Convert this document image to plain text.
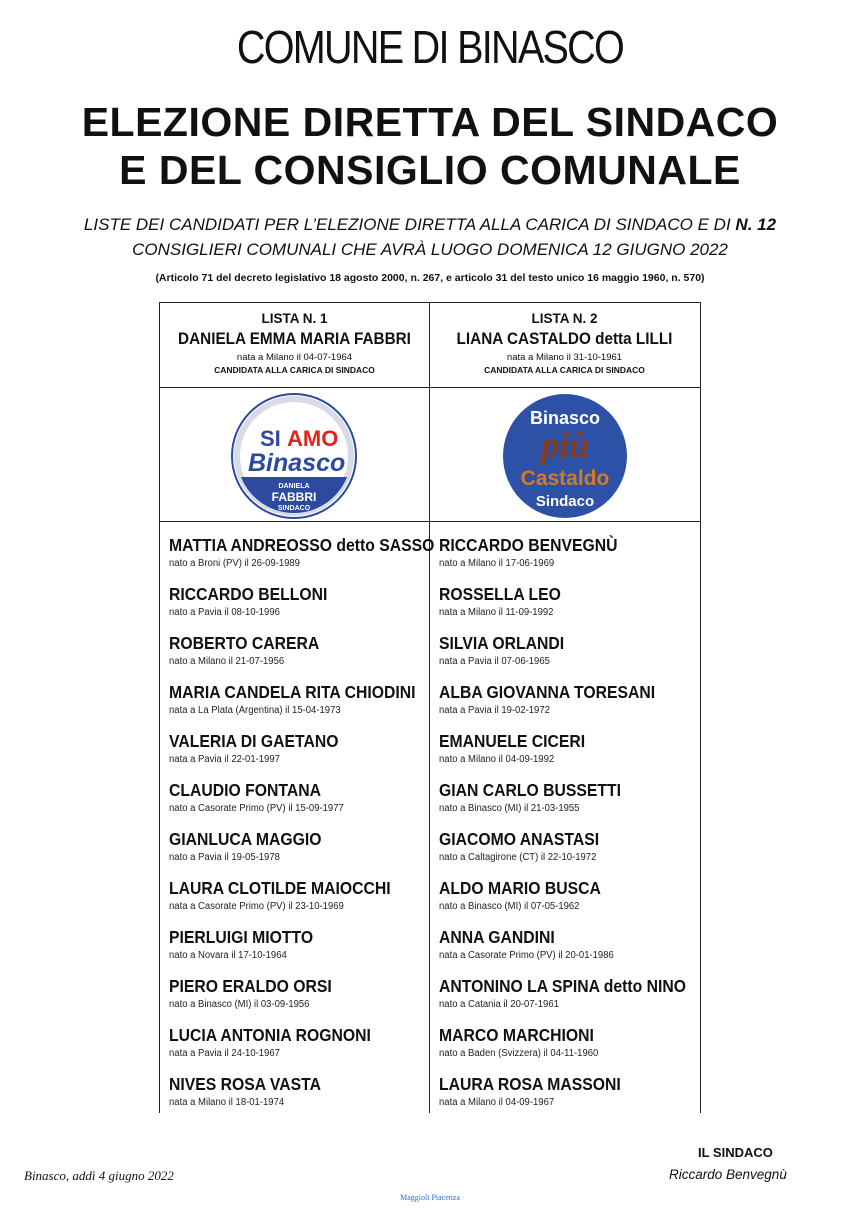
COMUNE DI BINASCO
ELEZIONE DIRETTA DEL SINDACO
E DEL CONSIGLIO COMUNALE
LISTE DEI CANDIDATI PER L’ELEZIONE DIRETTA ALLA CARICA DI SINDACO E DI N. 12
CONSIGLIERI COMUNALI CHE AVRÀ LUOGO DOMENICA 12 GIUGNO 2022
(Articolo 71 del decreto legislativo 18 agosto 2000, n. 267, e articolo 31 del testo unico 16 maggio 1960, n. 570)
LISTA N. 1
DANIELA EMMA MARIA FABBRI
nata a Milano il 04-07-1964
CANDIDATA ALLA CARICA DI SINDACO
LISTA N. 2
LIANA CASTALDO detta LILLI
nata a Milano il 31-10-1961
CANDIDATA ALLA CARICA DI SINDACO
SI AMO
Binasco
DANIELA
FABBRI
SINDACO
Binasco
più
Castaldo
Sindaco
MATTIA ANDREOSSO detto SASSO
nato a Broni (PV) il 26-09-1989
RICCARDO BELLONI
nato a Pavia il 08-10-1996
ROBERTO CARERA
nato a Milano il 21-07-1956
MARIA CANDELA RITA CHIODINI
nata a La Plata (Argentina) il 15-04-1973
VALERIA DI GAETANO
nata a Pavia il 22-01-1997
CLAUDIO FONTANA
nato a Casorate Primo (PV) il 15-09-1977
GIANLUCA MAGGIO
nato a Pavia il 19-05-1978
LAURA CLOTILDE MAIOCCHI
nata a Casorate Primo (PV) il 23-10-1969
PIERLUIGI MIOTTO
nato a Novara il 17-10-1964
PIERO ERALDO ORSI
nato a Binasco (MI) il 03-09-1956
LUCIA ANTONIA ROGNONI
nata a Pavia il 24-10-1967
NIVES ROSA VASTA
nata a Milano il 18-01-1974
RICCARDO BENVEGNÙ
nato a Milano il 17-06-1969
ROSSELLA LEO
nata a Milano il 11-09-1992
SILVIA ORLANDI
nata a Pavia il 07-06-1965
ALBA GIOVANNA TORESANI
nata a Pavia il 19-02-1972
EMANUELE CICERI
nato a Milano il 04-09-1992
GIAN CARLO BUSSETTI
nato a Binasco (MI) il 21-03-1955
GIACOMO ANASTASI
nato a Caltagirone (CT) il 22-10-1972
ALDO MARIO BUSCA
nato a Binasco (MI) il 07-05-1962
ANNA GANDINI
nata a Casorate Primo (PV) il 20-01-1986
ANTONINO LA SPINA detto NINO
nato a Catania il 20-07-1961
MARCO MARCHIONI
nato a Baden (Svizzera) il 04-11-1960
LAURA ROSA MASSONI
nata a Milano il 04-09-1967
Binasco, addì 4 giugno 2022
IL SINDACO
Riccardo Benvegnù
Maggioli Piacenza
